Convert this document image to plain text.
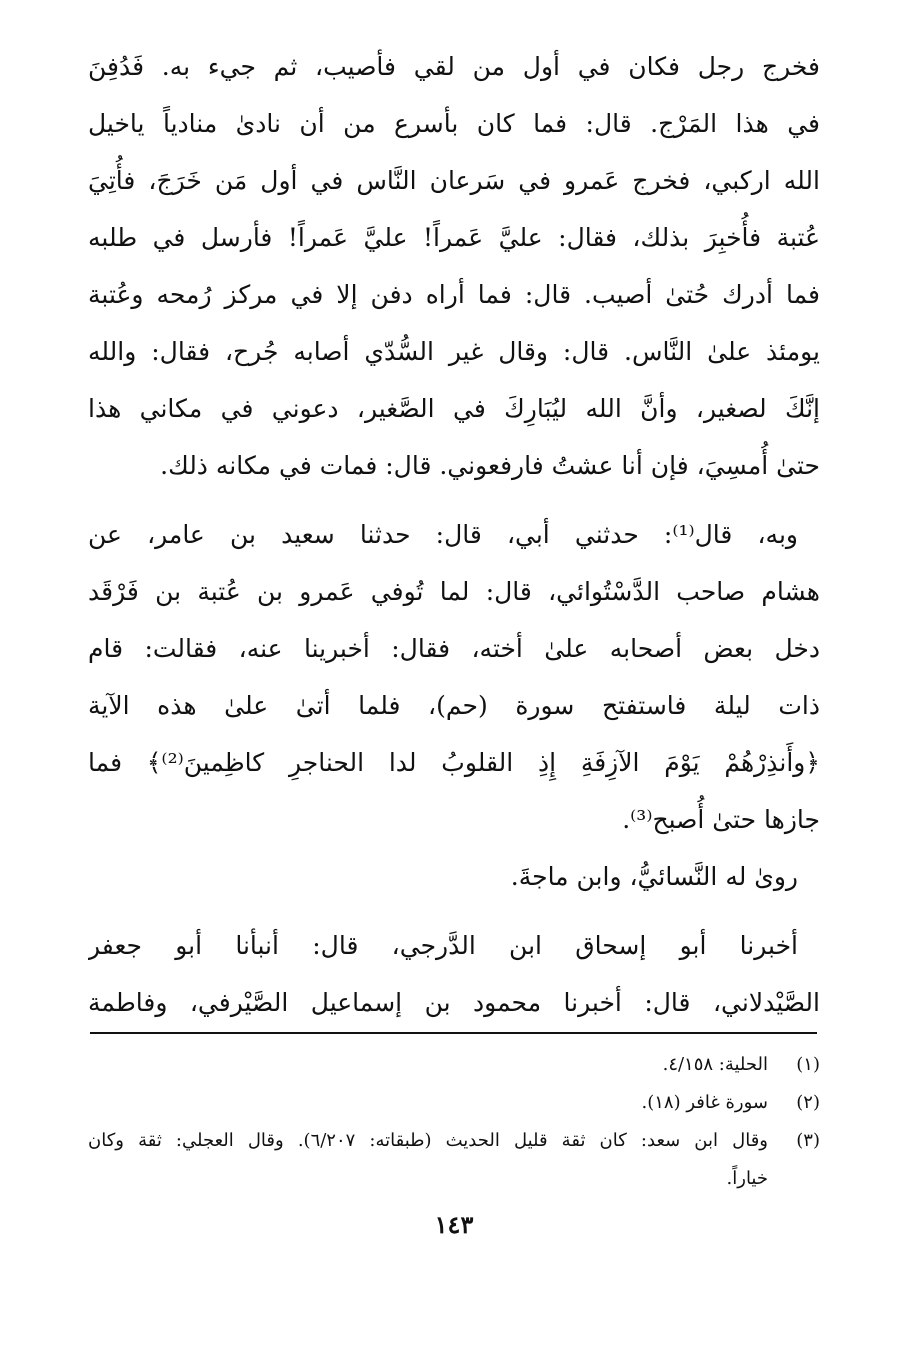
فخرج رجل فكان في أول من لقي فأصيب، ثم جيء به. فَدُفِنَ
في هذا المَرْج. قال: فما كان بأسرع من أن نادىٰ منادياً ياخيل
الله اركبي، فخرج عَمرو في سَرعان النَّاس في أول مَن خَرَجَ، فأُتِيَ
عُتبة فأُخبِرَ بذلك، فقال: عليَّ عَمراً! عليَّ عَمراً! فأرسل في طلبه
فما أدرك حُتىٰ أصيب. قال: فما أراه دفن إلا في مركز رُمحه وعُتبة
يومئذ علىٰ النَّاس. قال: وقال غير السُّدّي أصابه جُرح، فقال: والله
إنَّكَ لصغير، وأنَّ الله ليُبَارِكَ في الصَّغير، دعوني في مكاني هذا
حتىٰ أُمسِيَ، فإن أنا عشتُ فارفعوني. قال: فمات في مكانه ذلك.

وبه، قال⁽¹⁾: حدثني أبي، قال: حدثنا سعيد بن عامر، عن
هشام صاحب الدَّسْتُوائي، قال: لما تُوفي عَمرو بن عُتبة بن فَرْقَد
دخل بعض أصحابه علىٰ أخته، فقال: أخبرينا عنه، فقالت: قام
ذات ليلة فاستفتح سورة (حم)، فلما أتىٰ علىٰ هذه الآية
﴿وأَنذِرْهُمْ يَوْمَ الآزِفَةِ إِذِ القلوبُ لدا الحناجرِ كاظِمينَ⁽²⁾﴾ فما
جازها حتىٰ أُصبح⁽³⁾.

رویٰ له النَّسائيُّ، وابن ماجةَ.

أخبرنا أبو إسحاق ابن الدَّرجي، قال: أنبأنا أبو جعفر
الصَّيْدلاني، قال: أخبرنا محمود بن إسماعيل الصَّيْرفي، وفاطمة

(١)
الحلية: ٤/١٥٨.
(٢)
سورة غافر (١٨).
(٣)
وقال ابن سعد: كان ثقة قليل الحديث (طبقاته: ٦/٢٠٧). وقال العجلي: ثقة وكان
خياراً.
١٤٣
